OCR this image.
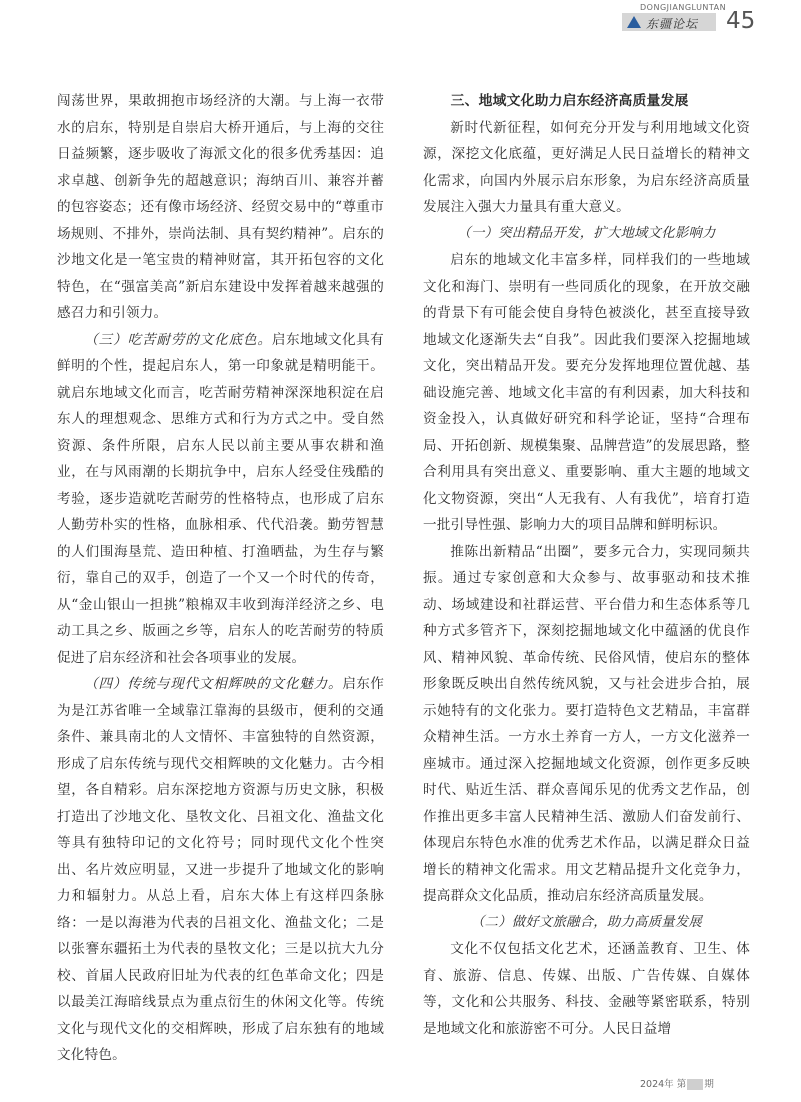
DONGJIANGLUNTAN
东疆论坛 45

闯荡世界，果敢拥抱市场经济的大潮。与上海一衣带水的启东，特别是自崇启大桥开通后，与上海的交往日益频繁，逐步吸收了海派文化的很多优秀基因：追求卓越、创新争先的超越意识；海纳百川、兼容并蓄的包容姿态；还有像市场经济、经贸交易中的“尊重市场规则、不排外，崇尚法制、具有契约精神”。启东的沙地文化是一笔宝贵的精神财富，其开拓包容的文化特色，在“强富美高”新启东建设中发挥着越来越强的感召力和引领力。

（三）吃苦耐劳的文化底色。启东地域文化具有鲜明的个性，提起启东人，第一印象就是精明能干。就启东地域文化而言，吃苦耐劳精神深深地积淀在启东人的理想观念、思维方式和行为方式之中。受自然资源、条件所限，启东人民以前主要从事农耕和渔业，在与风雨潮的长期抗争中，启东人经受住残酷的考验，逐步造就吃苦耐劳的性格特点，也形成了启东人勤劳朴实的性格，血脉相承、代代沿袭。勤劳智慧的人们围海垦荒、造田种植、打渔晒盐，为生存与繁衍，靠自己的双手，创造了一个又一个时代的传奇，从“金山银山一担挑”粮棉双丰收到海洋经济之乡、电动工具之乡、版画之乡等，启东人的吃苦耐劳的特质促进了启东经济和社会各项事业的发展。

（四）传统与现代文相辉映的文化魅力。启东作为是江苏省唯一全域靠江靠海的县级市，便利的交通条件、兼具南北的人文情怀、丰富独特的自然资源，形成了启东传统与现代交相辉映的文化魅力。古今相望，各自精彩。启东深挖地方资源与历史文脉，积极打造出了沙地文化、垦牧文化、吕祖文化、渔盐文化等具有独特印记的文化符号；同时现代文化个性突出、名片效应明显，又进一步提升了地域文化的影响力和辐射力。从总上看，启东大体上有这样四条脉络：一是以海港为代表的吕祖文化、渔盐文化；二是以张謇东疆拓土为代表的垦牧文化；三是以抗大九分校、首届人民政府旧址为代表的红色革命文化；四是以最美江海暗线景点为重点衍生的休闲文化等。传统文化与现代文化的交相辉映，形成了启东独有的地域文化特色。

三、地域文化助力启东经济高质量发展

新时代新征程，如何充分开发与利用地域文化资源，深挖文化底蕴，更好满足人民日益增长的精神文化需求，向国内外展示启东形象，为启东经济高质量发展注入强大力量具有重大意义。

（一）突出精品开发，扩大地域文化影响力

启东的地域文化丰富多样，同样我们的一些地域文化和海门、崇明有一些同质化的现象，在开放交融的背景下有可能会使自身特色被淡化，甚至直接导致地域文化逐渐失去“自我”。因此我们要深入挖掘地域文化，突出精品开发。要充分发挥地理位置优越、基础设施完善、地域文化丰富的有利因素，加大科技和资金投入，认真做好研究和科学论证，坚持“合理布局、开拓创新、规模集聚、品牌营造”的发展思路，整合利用具有突出意义、重要影响、重大主题的地域文化文物资源，突出“人无我有、人有我优”，培育打造一批引导性强、影响力大的项目品牌和鲜明标识。

推陈出新精品“出圈”，要多元合力，实现同频共振。通过专家创意和大众参与、故事驱动和技术推动、场域建设和社群运营、平台借力和生态体系等几种方式多管齐下，深刻挖掘地域文化中蕴涵的优良作风、精神风貌、革命传统、民俗风情，使启东的整体形象既反映出自然传统风貌，又与社会进步合拍，展示她特有的文化张力。要打造特色文艺精品，丰富群众精神生活。一方水土养育一方人，一方文化滋养一座城市。通过深入挖掘地域文化资源，创作更多反映时代、贴近生活、群众喜闻乐见的优秀文艺作品，创作推出更多丰富人民精神生活、激励人们奋发前行、体现启东特色水准的优秀艺术作品，以满足群众日益增长的精神文化需求。用文艺精品提升文化竞争力，提高群众文化品质，推动启东经济高质量发展。

（二）做好文旅融合，助力高质量发展

文化不仅包括文化艺术，还涵盖教育、卫生、体育、旅游、信息、传媒、出版、广告传媒、自媒体等，文化和公共服务、科技、金融等紧密联系，特别是地域文化和旅游密不可分。人民日益增

2024年 第 04 期
